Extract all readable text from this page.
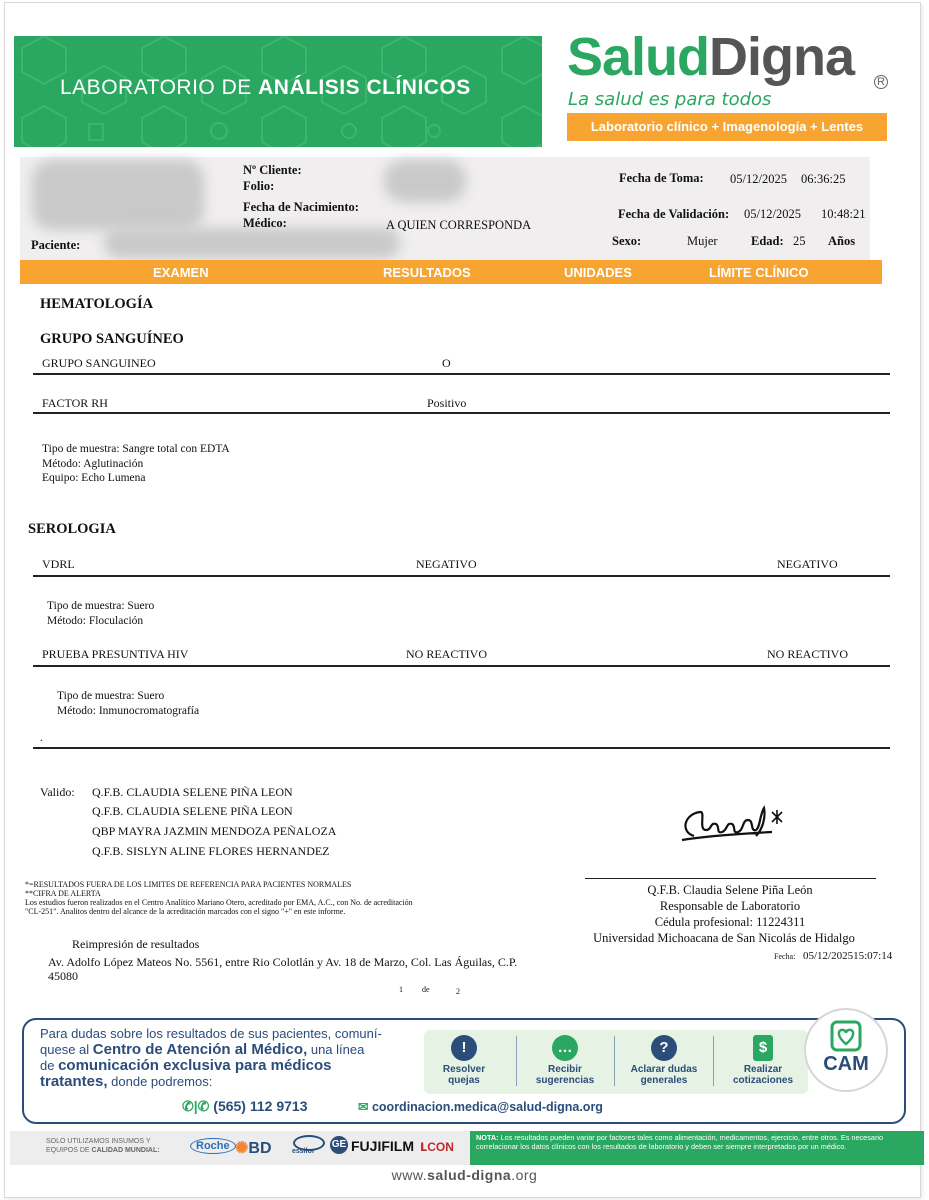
LABORATORIO DE ANÁLISIS CLÍNICOS
SaludDigna R
La salud es para todos
Laboratorio clínico + Imagenología + Lentes
Nº Cliente:
Folio:
Fecha de Nacimiento:
Médico:	A QUIEN CORRESPONDA
Paciente:
Fecha de Toma: 05/12/2025 06:36:25
Fecha de Validación: 05/12/2025 10:48:21
Sexo:	Mujer	Edad: 25 Años
EXAMEN	RESULTADOS	UNIDADES	LÍMITE CLÍNICO
HEMATOLOGÍA
GRUPO SANGUÍNEO
GRUPO SANGUINEO	O
FACTOR RH	Positivo
Tipo de muestra: Sangre total con EDTA
Método: Aglutinación
Equipo: Echo Lumena
SEROLOGIA
VDRL	NEGATIVO	NEGATIVO
Tipo de muestra: Suero
Método: Floculación
PRUEBA PRESUNTIVA HIV	NO REACTIVO	NO REACTIVO
Tipo de muestra: Suero
Método: Inmunocromatografía
.
Valido: Q.F.B. CLAUDIA SELENE PIÑA LEON
Q.F.B. CLAUDIA SELENE PIÑA LEON
QBP MAYRA JAZMIN MENDOZA PEÑALOZA
Q.F.B. SISLYN ALINE FLORES HERNANDEZ
*=RESULTADOS FUERA DE LOS LIMITES DE REFERENCIA PARA PACIENTES NORMALES
**CIFRA DE ALERTA
Los estudios fueron realizados en el Centro Analítico Mariano Otero, acreditado por EMA, A.C., con No. de acreditación
"CL-251". Analitos dentro del alcance de la acreditación marcados con el signo "+" en este informe.
Q.F.B. Claudia Selene Piña León
Responsable de Laboratorio
Cédula profesional: 11224311
Universidad Michoacana de San Nicolás de Hidalgo
Fecha: 05/12/202515:07:14
Reimpresión de resultados
Av. Adolfo López Mateos No. 5561, entre Rio Colotlán y Av. 18 de Marzo, Col. Las Águilas, C.P.
45080
1 de	2
Para dudas sobre los resultados de sus pacientes, comuní-
quese al Centro de Atención al Médico, una línea
de comunicación exclusiva para médicos
tratantes, donde podremos:
!
Resolver
quejas
…
Recibir
sugerencias
?
Aclarar dudas
generales
$
Realizar
cotizaciones
CAM
✆|✆ (565) 112 9713	✉ coordinacion.medica@salud-digna.org
SOLO UTILIZAMOS INSUMOS Y
EQUIPOS DE CALIDAD MUNDIAL:	Roche ✺BD	essilor
GE FUJIFILM ʟCON
NOTA: Los resultados pueden variar por factores tales como alimentación, medicamentos, ejercicio, entre otros. Es necesario correlacionar los datos clínicos con los resultados de laboratorio y deben ser siempre interpretados por un médico.
www.salud-digna.org
